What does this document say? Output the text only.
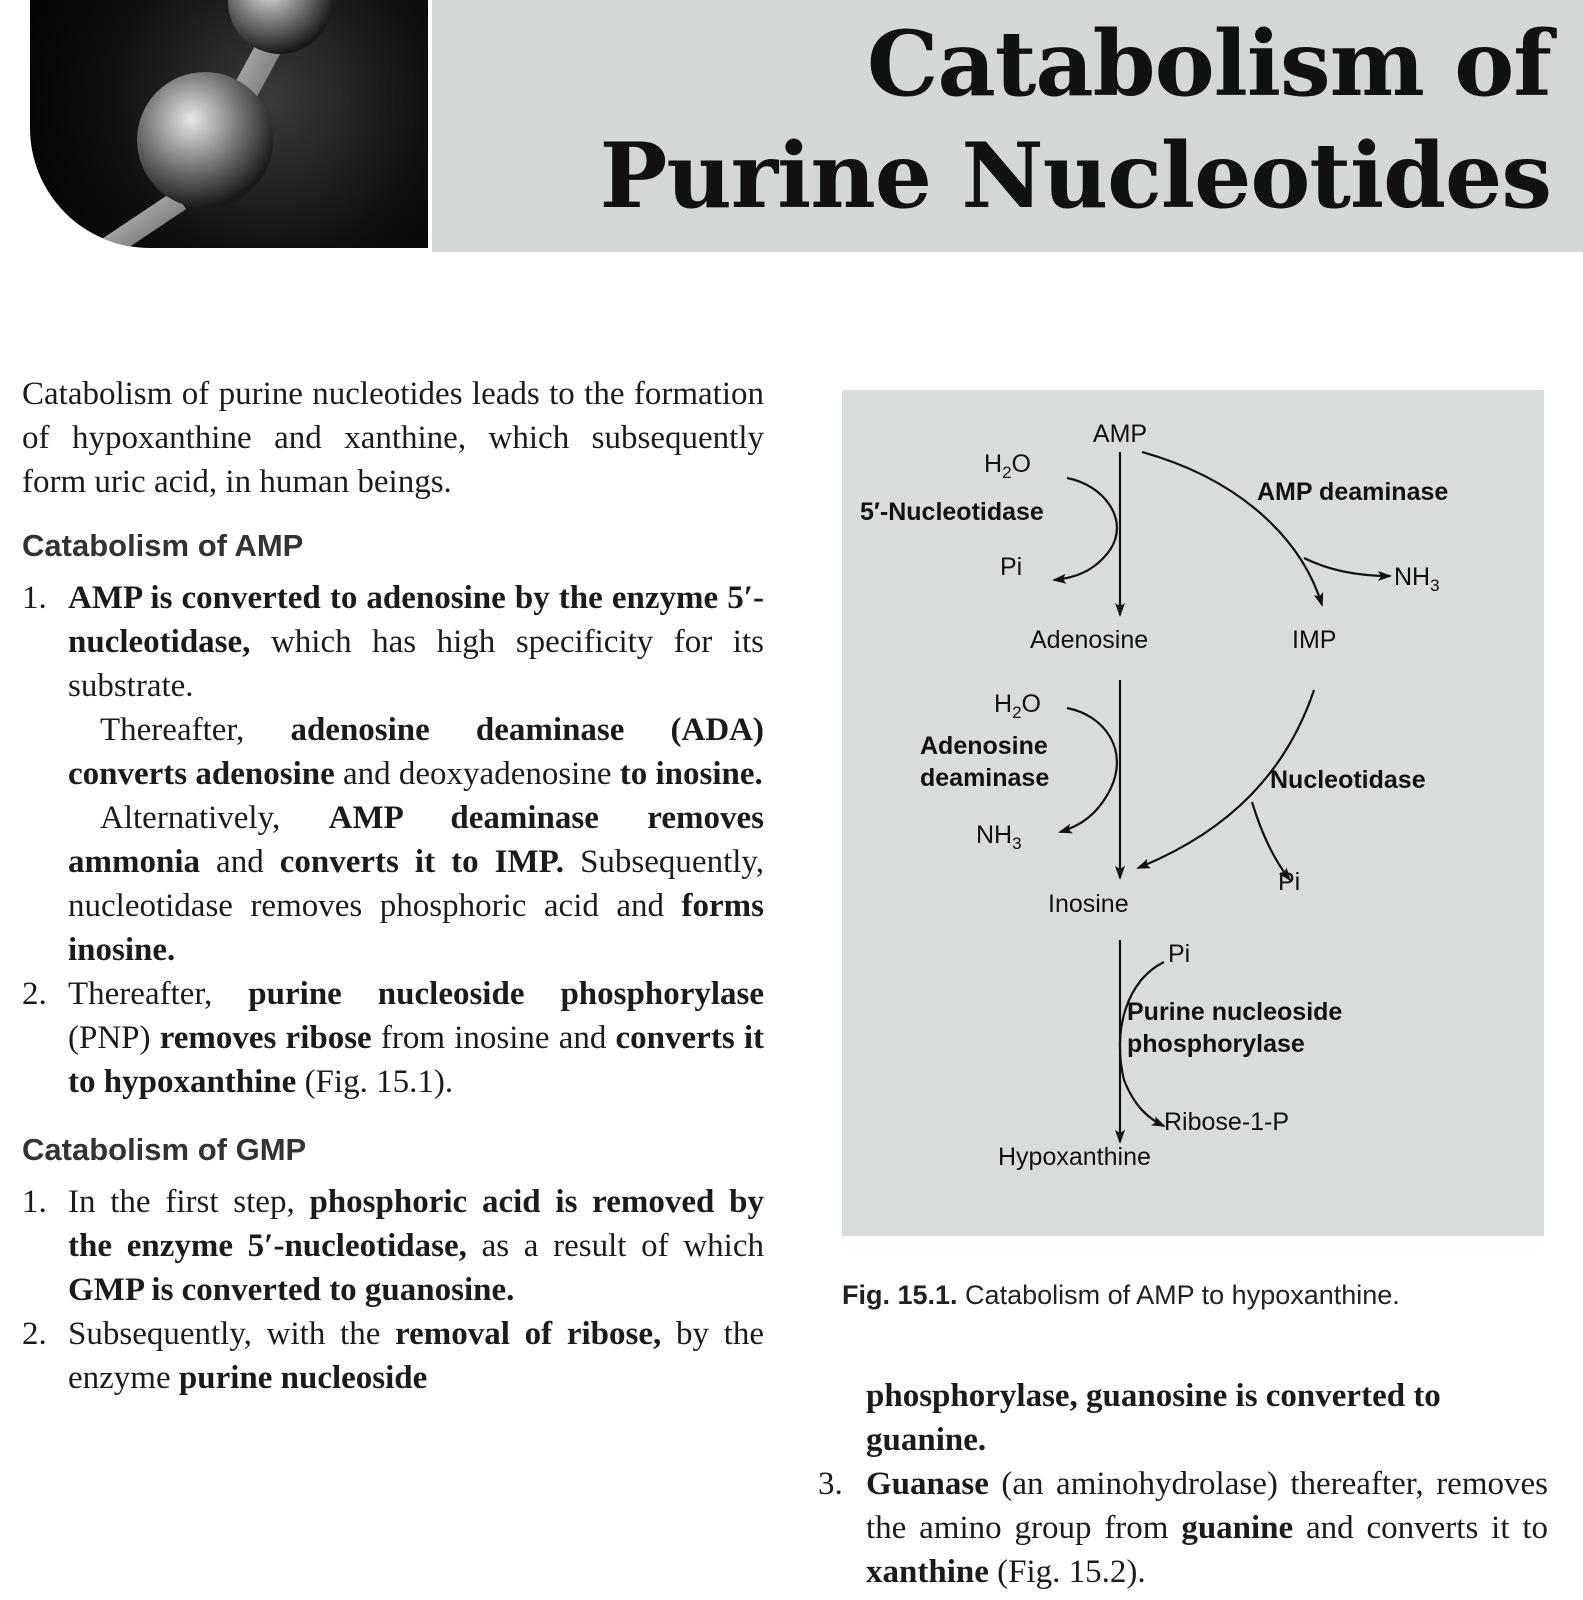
Catabolism of
Purine Nucleotides

Catabolism of purine nucleotides leads to the formation of hypoxanthine and xanthine, which subsequently form uric acid, in human beings.

Catabolism of AMP
1. AMP is converted to adenosine by the enzyme 5′-nucleotidase, which has high specificity for its substrate.
Thereafter, adenosine deaminase (ADA) converts adenosine and deoxyadenosine to inosine.
Alternatively, AMP deaminase removes ammonia and converts it to IMP. Subsequently, nucleotidase removes phosphoric acid and forms inosine.
2. Thereafter, purine nucleoside phosphorylase (PNP) removes ribose from inosine and converts it to hypoxanthine (Fig. 15.1).
Catabolism of GMP
1. In the first step, phosphoric acid is removed by the enzyme 5′-nucleotidase, as a result of which GMP is converted to guanosine.
2. Subsequently, with the removal of ribose, by the enzyme purine nucleoside
AMP
$H_2O$
5′-Nucleotidase
Pi
AMP deaminase
$NH_3$
Adenosine	IMP
$H_2O$
Adenosine
deaminase	Nucleotidase
$NH_3$
Pi
Inosine
Pi
Purine nucleoside
phosphorylase
Ribose-1-P
Hypoxanthine
Fig. 15.1. Catabolism of AMP to hypoxanthine.

phosphorylase, guanosine is converted to guanine.

3. Guanase (an aminohydrolase) thereafter, removes the amino group from guanine and converts it to xanthine (Fig. 15.2).
